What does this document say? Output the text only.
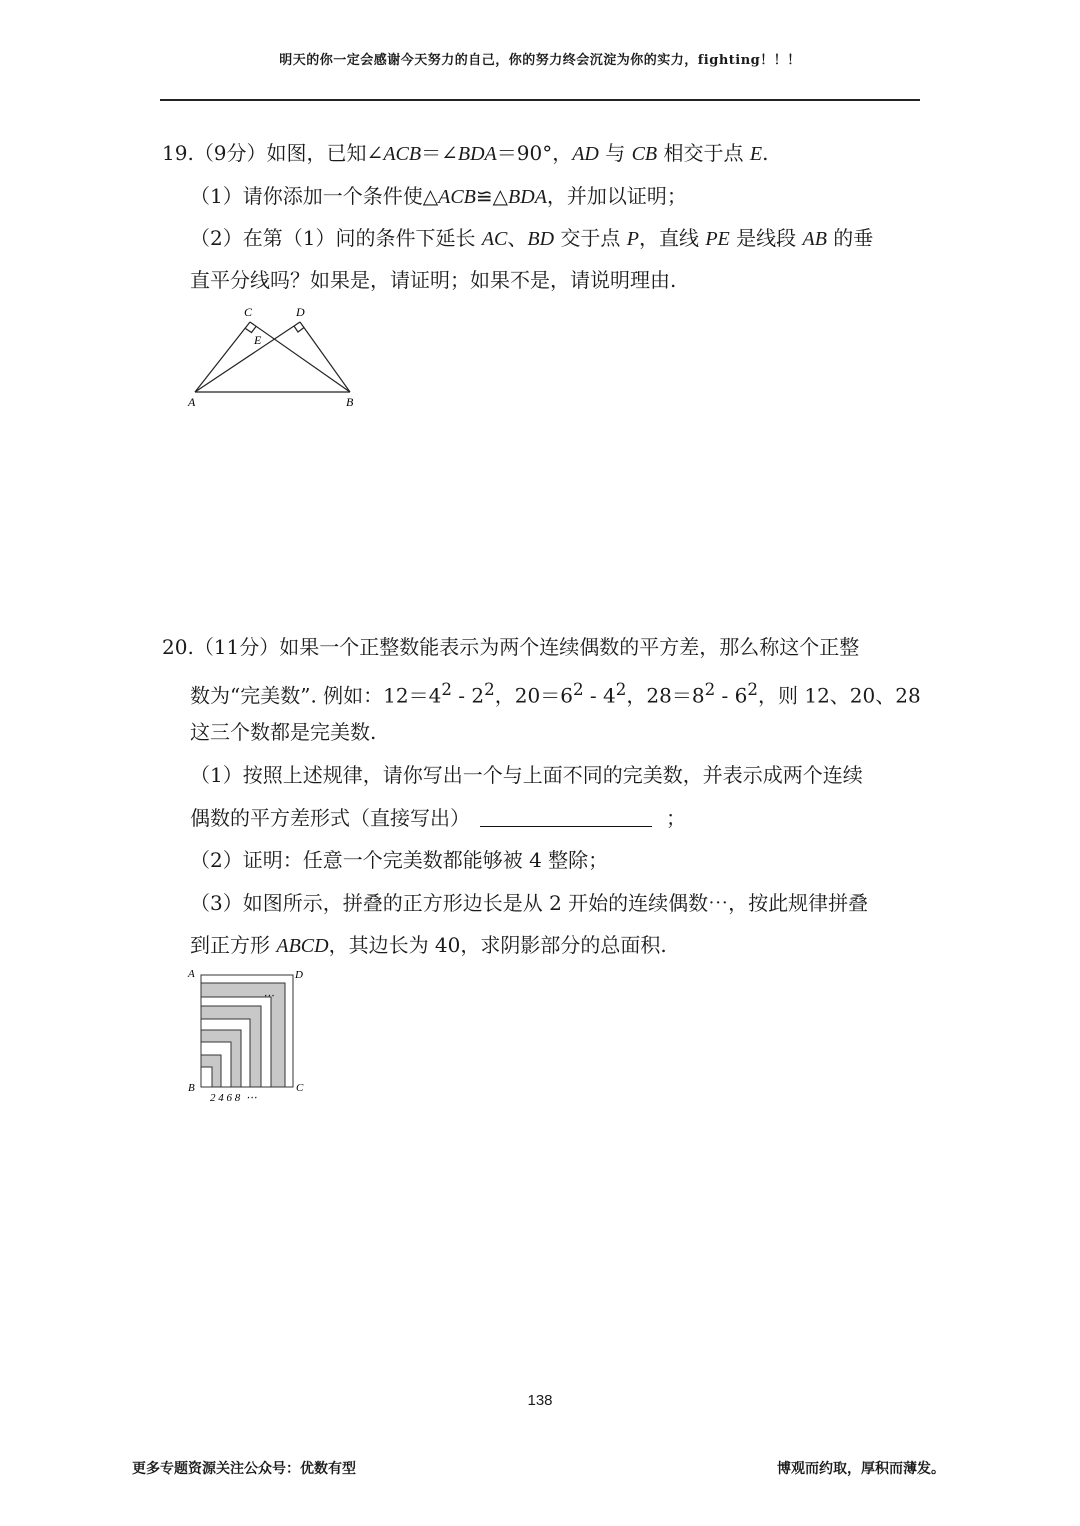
明天的你一定会感谢今天努力的自己，你的努力终会沉淀为你的实力，fighting！！！
19.（9分）如图，已知∠ACB＝∠BDA＝90°，AD 与 CB 相交于点 E.
（1）请你添加一个条件使△ACB≌△BDA，并加以证明；
（2）在第（1）问的条件下延长 AC、BD 交于点 P，直线 PE 是线段 AB 的垂
直平分线吗？如果是，请证明；如果不是，请说明理由.
C	D
E
A	B
20.（11分）如果一个正整数能表示为两个连续偶数的平方差，那么称这个正整
数为“完美数”. 例如：$12=4^2 - 2^2$，$20=6^2 - 4^2$，$28=8^2 - 6^2$，则 12、20、28
这三个数都是完美数.
（1）按照上述规律，请你写出一个与上面不同的完美数，并表示成两个连续
偶数的平方差形式（直接写出）	；
（2）证明：任意一个完美数都能够被 4 整除；
（3）如图所示，拼叠的正方形边长是从 2 开始的连续偶数⋯，按此规律拼叠
到正方形 ABCD，其边长为 40，求阴影部分的总面积.
⋯
A	D
B	C
2 4 6 8  ⋯
138
更多专题资源关注公众号：优数有型	博观而约取，厚积而薄发。
